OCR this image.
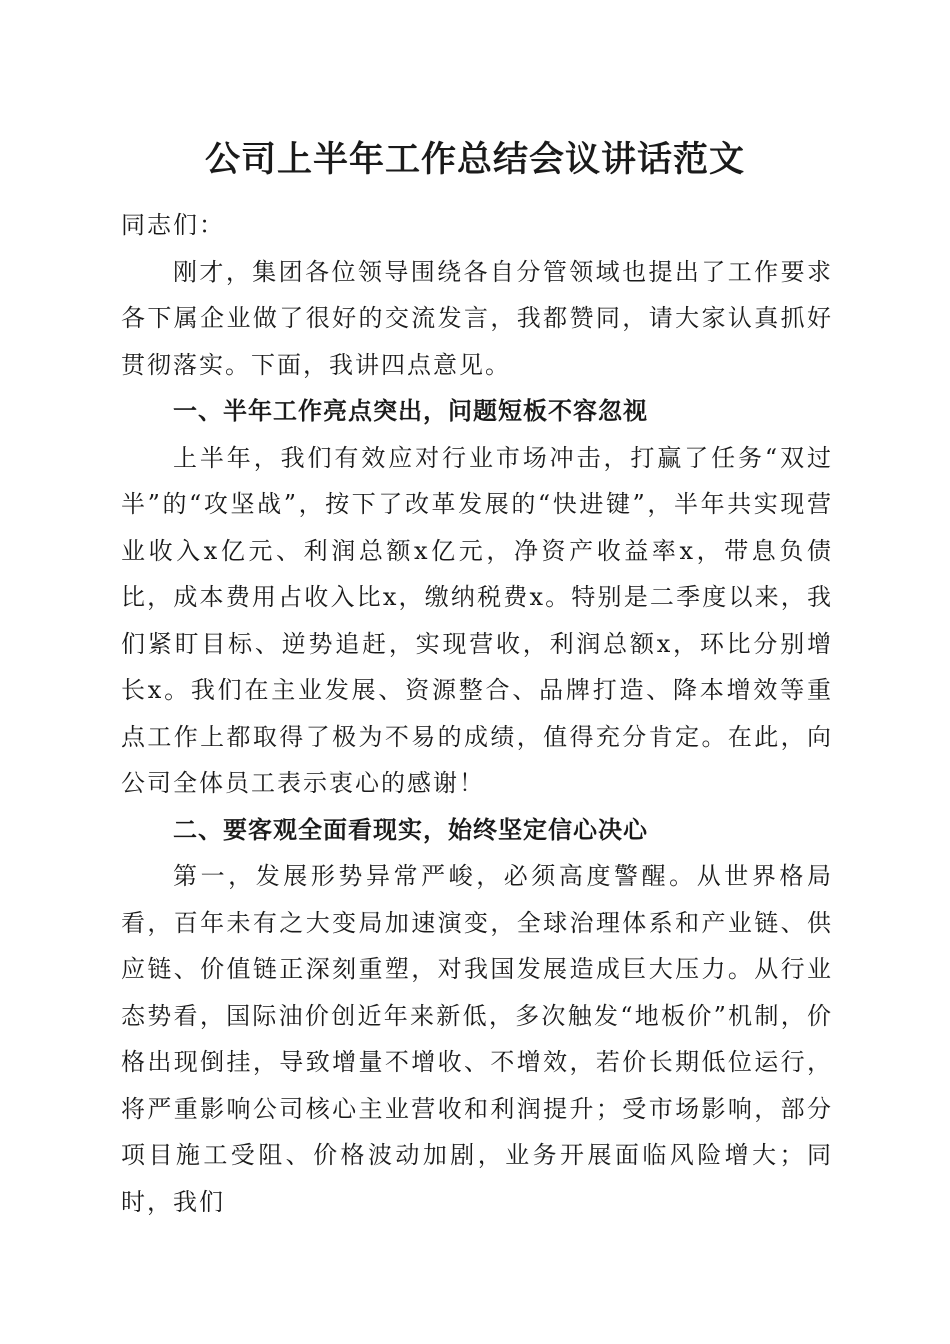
公司上半年工作总结会议讲话范文

同志们：

刚才，集团各位领导围绕各自分管领域也提出了工作要求各下属企业做了很好的交流发言，我都赞同，请大家认真抓好贯彻落实。下面，我讲四点意见。

一、半年工作亮点突出，问题短板不容忽视

上半年，我们有效应对行业市场冲击，打赢了任务“双过半”的“攻坚战”，按下了改革发展的“快进键”，半年共实现营业收入x亿元、利润总额x亿元，净资产收益率x，带息负债比，成本费用占收入比x，缴纳税费x。特别是二季度以来，我们紧盯目标、逆势追赶，实现营收，利润总额x，环比分别增长x。我们在主业发展、资源整合、品牌打造、降本增效等重点工作上都取得了极为不易的成绩，值得充分肯定。在此，向公司全体员工表示衷心的感谢！

二、要客观全面看现实，始终坚定信心决心

第一，发展形势异常严峻，必须高度警醒。从世界格局看，百年未有之大变局加速演变，全球治理体系和产业链、供应链、价值链正深刻重塑，对我国发展造成巨大压力。从行业态势看，国际油价创近年来新低，多次触发“地板价”机制，价格出现倒挂，导致增量不增收、不增效，若价长期低位运行，将严重影响公司核心主业营收和利润提升；受市场影响，部分项目施工受阻、价格波动加剧，业务开展面临风险增大；同时，我们
